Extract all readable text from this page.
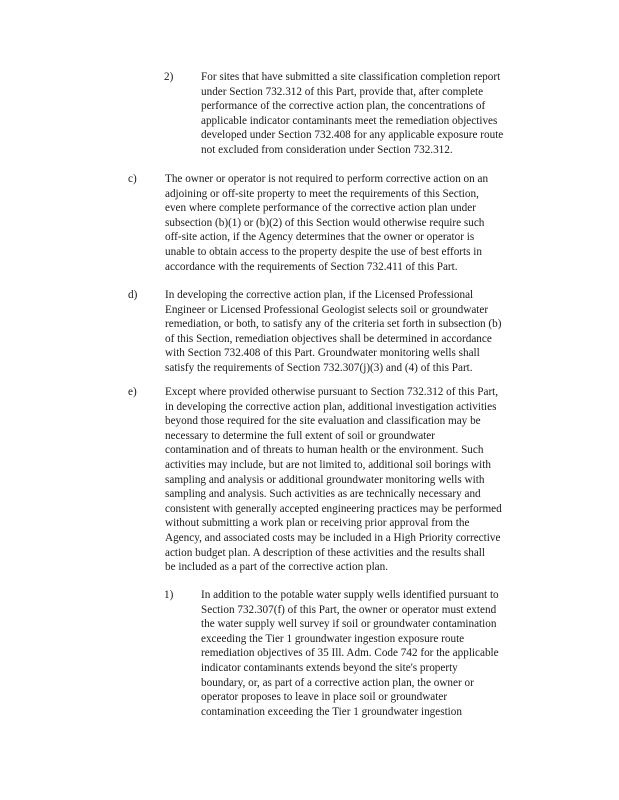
2) For sites that have submitted a site classification completion report
under Section 732.312 of this Part, provide that, after complete
performance of the corrective action plan, the concentrations of
applicable indicator contaminants meet the remediation objectives
developed under Section 732.408 for any applicable exposure route
not excluded from consideration under Section 732.312.
c)	The owner or operator is not required to perform corrective action on an
adjoining or off-site property to meet the requirements of this Section,
even where complete performance of the corrective action plan under
subsection (b)(1) or (b)(2) of this Section would otherwise require such
off-site action, if the Agency determines that the owner or operator is
unable to obtain access to the property despite the use of best efforts in
accordance with the requirements of Section 732.411 of this Part.
d) In developing the corrective action plan, if the Licensed Professional
Engineer or Licensed Professional Geologist selects soil or groundwater
remediation, or both, to satisfy any of the criteria set forth in subsection (b)
of this Section, remediation objectives shall be determined in accordance
with Section 732.408 of this Part. Groundwater monitoring wells shall
satisfy the requirements of Section 732.307(j)(3) and (4) of this Part.
e)	Except where provided otherwise pursuant to Section 732.312 of this Part,
in developing the corrective action plan, additional investigation activities
beyond those required for the site evaluation and classification may be
necessary to determine the full extent of soil or groundwater
contamination and of threats to human health or the environment. Such
activities may include, but are not limited to, additional soil borings with
sampling and analysis or additional groundwater monitoring wells with
sampling and analysis. Such activities as are technically necessary and
consistent with generally accepted engineering practices may be performed
without submitting a work plan or receiving prior approval from the
Agency, and associated costs may be included in a High Priority corrective
action budget plan. A description of these activities and the results shall
be included as a part of the corrective action plan.
1) In addition to the potable water supply wells identified pursuant to
Section 732.307(f) of this Part, the owner or operator must extend
the water supply well survey if soil or groundwater contamination
exceeding the Tier 1 groundwater ingestion exposure route
remediation objectives of 35 Ill. Adm. Code 742 for the applicable
indicator contaminants extends beyond the site's property
boundary, or, as part of a corrective action plan, the owner or
operator proposes to leave in place soil or groundwater
contamination exceeding the Tier 1 groundwater ingestion
